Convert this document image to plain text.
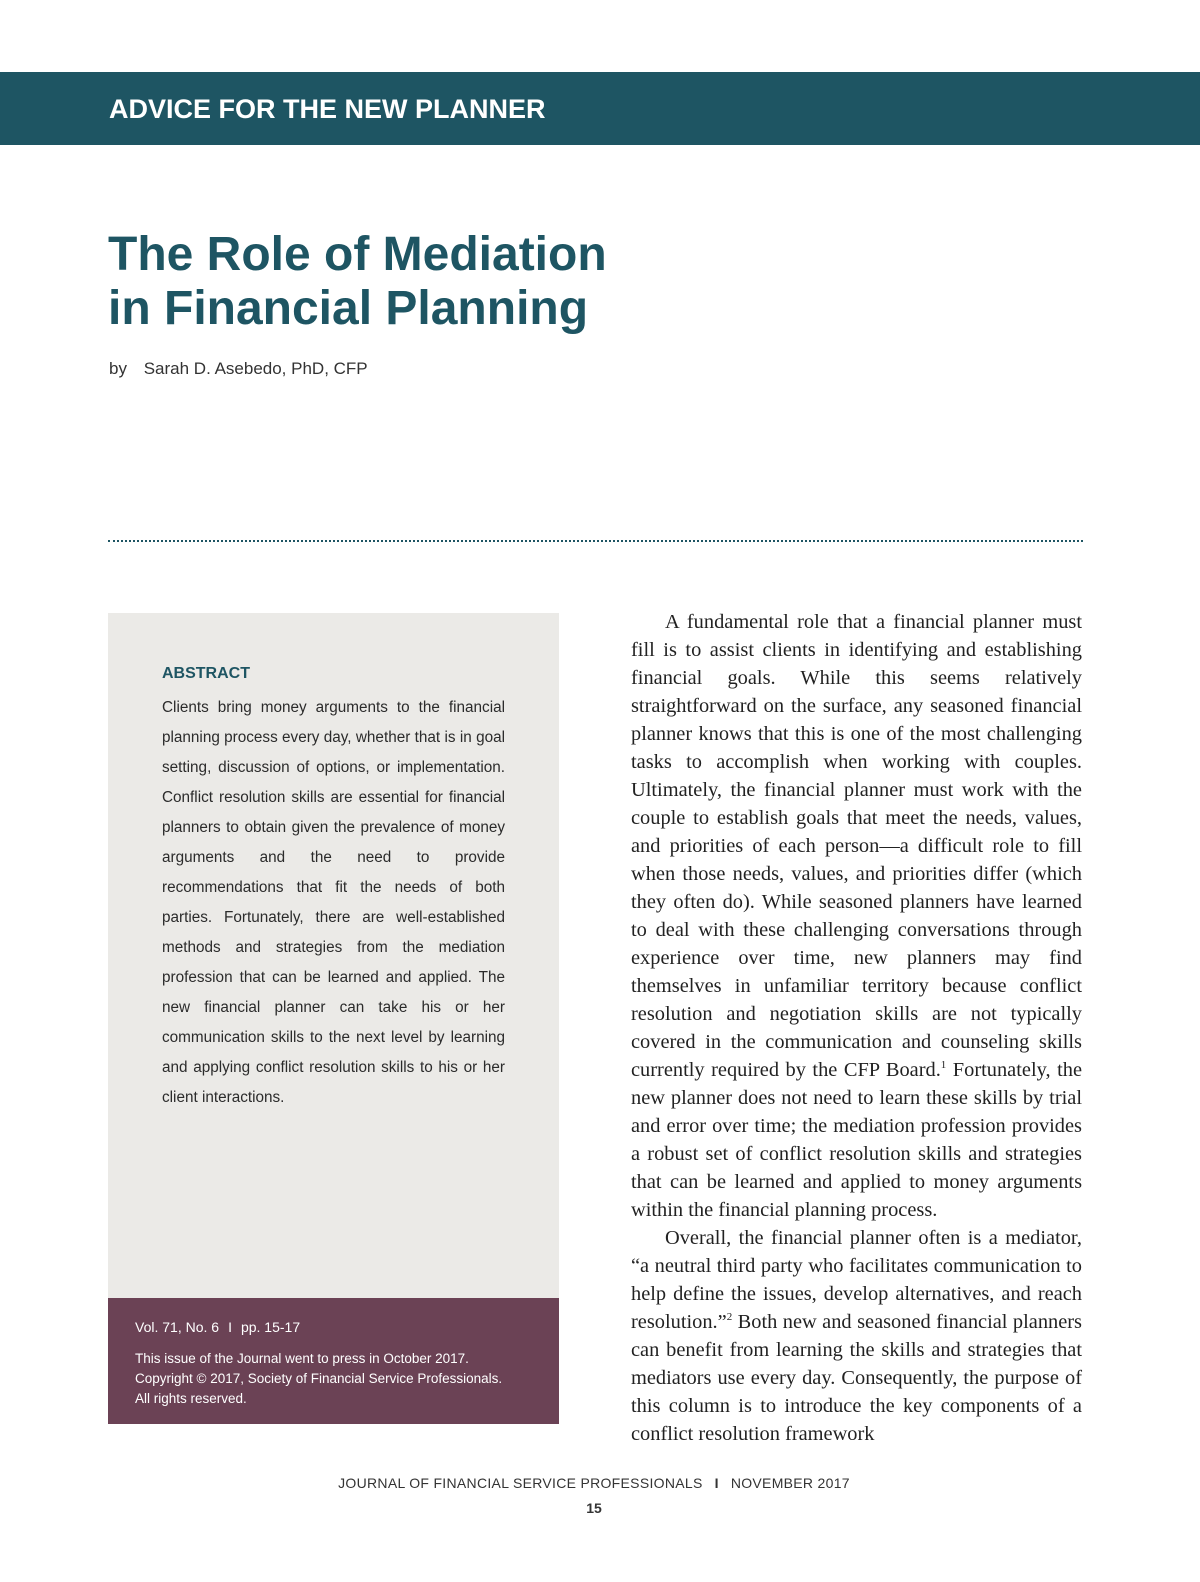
ADVICE FOR THE NEW PLANNER
The Role of Mediation
in Financial Planning
by Sarah D. Asebedo, PhD, CFP
ABSTRACT

Clients bring money arguments to the financial planning process every day, whether that is in goal setting, discussion of options, or implementation. Conflict resolution skills are essential for financial planners to obtain given the prevalence of money arguments and the need to provide recommendations that fit the needs of both parties. Fortunately, there are well-established methods and strategies from the mediation profession that can be learned and applied. The new financial planner can take his or her communication skills to the next level by learning and applying conflict resolution skills to his or her client interactions.

Vol. 71, No. 6 I pp. 15-17

This issue of the Journal went to press in October 2017.
Copyright © 2017, Society of Financial Service Professionals.
All rights reserved.

A fundamental role that a financial planner must fill is to assist clients in identifying and establishing financial goals. While this seems relatively straightforward on the surface, any seasoned financial planner knows that this is one of the most challenging tasks to accomplish when working with couples. Ultimately, the financial planner must work with the couple to establish goals that meet the needs, values, and priorities of each person—a difficult role to fill when those needs, values, and priorities differ (which they often do). While seasoned planners have learned to deal with these challenging conversations through experience over time, new planners may find themselves in unfamiliar territory because conflict resolution and negotiation skills are not typically covered in the communication and counseling skills currently required by the CFP Board.$^1$ Fortunately, the new planner does not need to learn these skills by trial and error over time; the mediation profession provides a robust set of conflict resolution skills and strategies that can be learned and applied to money arguments within the financial planning process.

Overall, the financial planner often is a mediator, “a neutral third party who facilitates communication to help define the issues, develop alternatives, and reach resolution.”$^2$ Both new and seasoned financial planners can benefit from learning the skills and strategies that mediators use every day. Consequently, the purpose of this column is to introduce the key components of a conflict resolution framework

JOURNAL OF FINANCIAL SERVICE PROFESSIONALS I NOVEMBER 2017
15
